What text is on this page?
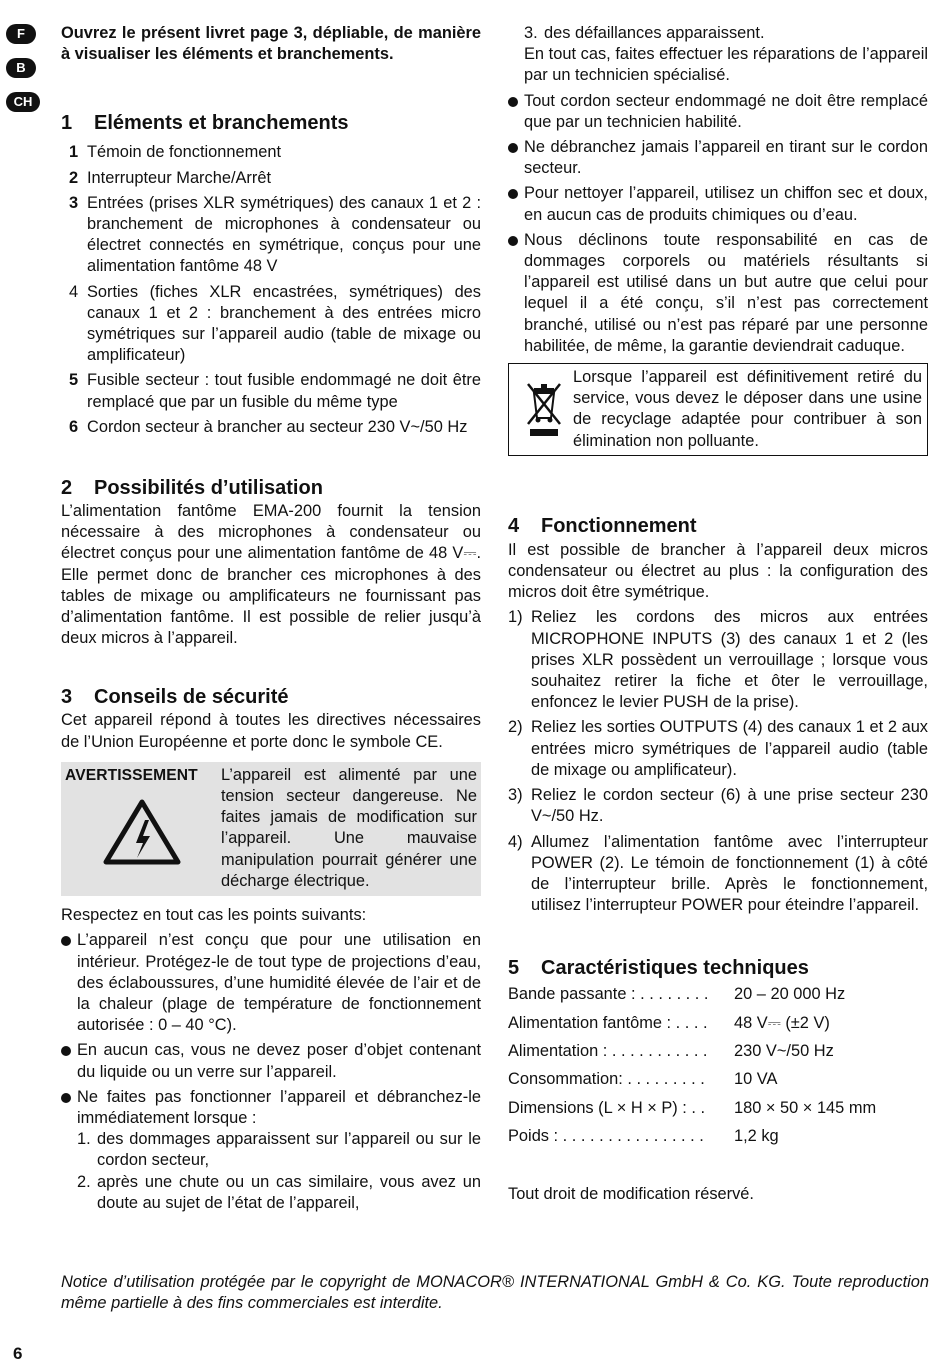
F
B
CH

Ouvrez le présent livret page 3, dépliable, de manière à visualiser les éléments et branchements.

1	Eléments et branchements
1 Témoin de fonctionnement
2 Interrupteur Marche/Arrêt
3 Entrées (prises XLR symétriques) des canaux 1 et 2 : branchement de microphones à condensateur ou électret connectés en symétrique, conçus pour une alimentation fantôme 48 V
4 Sorties (fiches XLR encastrées, symétriques) des canaux 1 et 2 : branchement à des entrées micro symétriques sur l’appareil audio (table de mixage ou amplificateur)
5 Fusible secteur : tout fusible endommagé ne doit être remplacé que par un fusible du même type
6 Cordon secteur à brancher au secteur 230 V~/50 Hz
2	Possibilités d’utilisation

L’alimentation fantôme EMA-200 fournit la tension nécessaire à des microphones à condensateur ou électret conçus pour une alimentation fantôme de 48 V⎓. Elle permet donc de brancher ces microphones à des tables de mixage ou amplificateurs ne fournissant pas d’alimentation fantôme. Il est possible de relier jusqu’à deux micros à l’appareil.

3	Conseils de sécurité

Cet appareil répond à toutes les directives nécessaires de l’Union Européenne et porte donc le symbole CE.

AVERTISSEMENT	L’appareil est alimenté par une tension secteur dangereuse. Ne faites jamais de modification sur l’appareil. Une mauvaise manipulation pourrait générer une décharge électrique.

Respectez en tout cas les points suivants:

L’appareil n’est conçu que pour une utilisation en intérieur. Protégez-le de tout type de projections d’eau, des éclaboussures, d’une humidité élevée de l’air et de la chaleur (plage de température de fonctionnement autorisée : 0 – 40 °C).
En aucun cas, vous ne devez poser d’objet contenant du liquide ou un verre sur l’appareil.
Ne faites pas fonctionner l’appareil et débranchez-le immédiatement lorsque :
1. des dommages apparaissent sur l’appareil ou sur le cordon secteur,
2. après une chute ou un cas similaire, vous avez un doute au sujet de l’état de l’appareil,
3. des défaillances apparaissent.

En tout cas, faites effectuer les réparations de l’appareil par un technicien spécialisé.

Tout cordon secteur endommagé ne doit être remplacé que par un technicien habilité.
Ne débranchez jamais l’appareil en tirant sur le cordon secteur.
Pour nettoyer l’appareil, utilisez un chiffon sec et doux, en aucun cas de produits chimiques ou d’eau.
Nous déclinons toute responsabilité en cas de dommages corporels ou matériels résultants si l’appareil est utilisé dans un but autre que celui pour lequel il a été conçu, s’il n’est pas correctement branché, utilisé ou n’est pas réparé par une personne habilitée, de même, la garantie deviendrait caduque.
Lorsque l’appareil est définitivement retiré du service, vous devez le déposer dans une usine de recyclage adaptée pour contribuer à son élimination non polluante.
4	Fonctionnement

Il est possible de brancher à l’appareil deux micros condensateur ou électret au plus : la configuration des micros doit être symétrique.

1) Reliez les cordons des micros aux entrées MICROPHONE INPUTS (3) des canaux 1 et 2 (les prises XLR possèdent un verrouillage ; lorsque vous souhaitez retirer la fiche et ôter le verrouillage, enfoncez le levier PUSH de la prise).
2) Reliez les sorties OUTPUTS (4) des canaux 1 et 2 aux entrées micro symétriques de l’appareil audio (table de mixage ou amplificateur).
3) Reliez le cordon secteur (6) à une prise secteur 230 V~/50 Hz.
4) Allumez l’alimentation fantôme avec l’interrupteur POWER (2). Le témoin de fonctionnement (1) à côté de l’interrupteur brille. Après le fonctionnement, utilisez l’interrupteur POWER pour éteindre l’appareil.
5	Caractéristiques techniques
Bande passante : . . . . . . . .	20 – 20 000 Hz
Alimentation fantôme : . . . .	48 V⎓ (±2 V)
Alimentation : . . . . . . . . . . .	230 V~/50 Hz
Consommation: . . . . . . . . .	10 VA
Dimensions (L × H × P) : . .	180 × 50 × 145 mm
Poids : . . . . . . . . . . . . . . . .	1,2 kg

Tout droit de modification réservé.

Notice d’utilisation protégée par le copyright de MONACOR® INTERNATIONAL GmbH & Co. KG. Toute reproduction même partielle à des fins commerciales est interdite.

6
